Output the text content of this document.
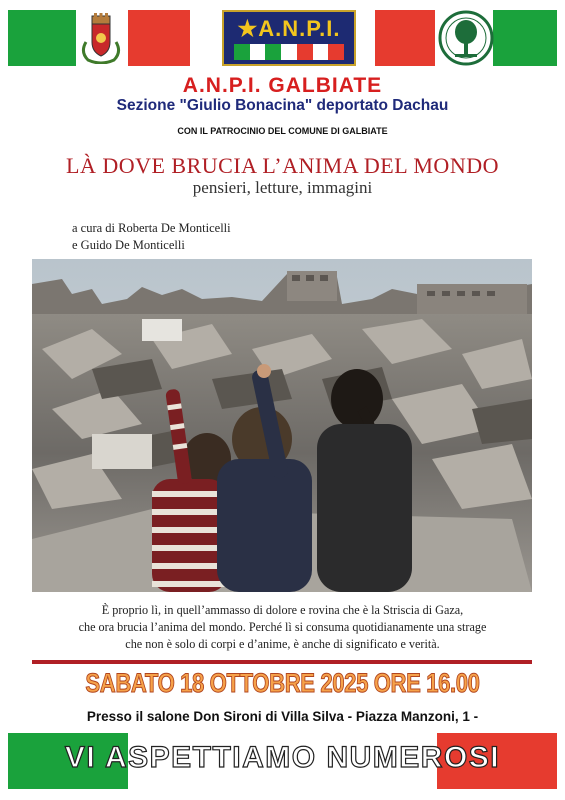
★A.N.P.I.
A.N.P.I. GALBIATE
Sezione "Giulio Bonacina" deportato Dachau
CON IL PATROCINIO DEL COMUNE DI GALBIATE
LÀ DOVE BRUCIA L’ANIMA DEL MONDO
pensieri, letture, immagini
a cura di Roberta De Monticelli
e Guido De Monticelli
È proprio lì, in quell’ammasso di dolore e rovina che è la Striscia di Gaza,
che ora brucia l’anima del mondo. Perché lì si consuma quotidianamente una strage
che non è solo di corpi e d’anime, è anche di significato e verità.
SABATO 18 OTTOBRE 2025 ORE 16.00
Presso il salone Don Sironi di Villa Silva - Piazza Manzoni, 1 -
VI ASPETTIAMO NUMEROSI
